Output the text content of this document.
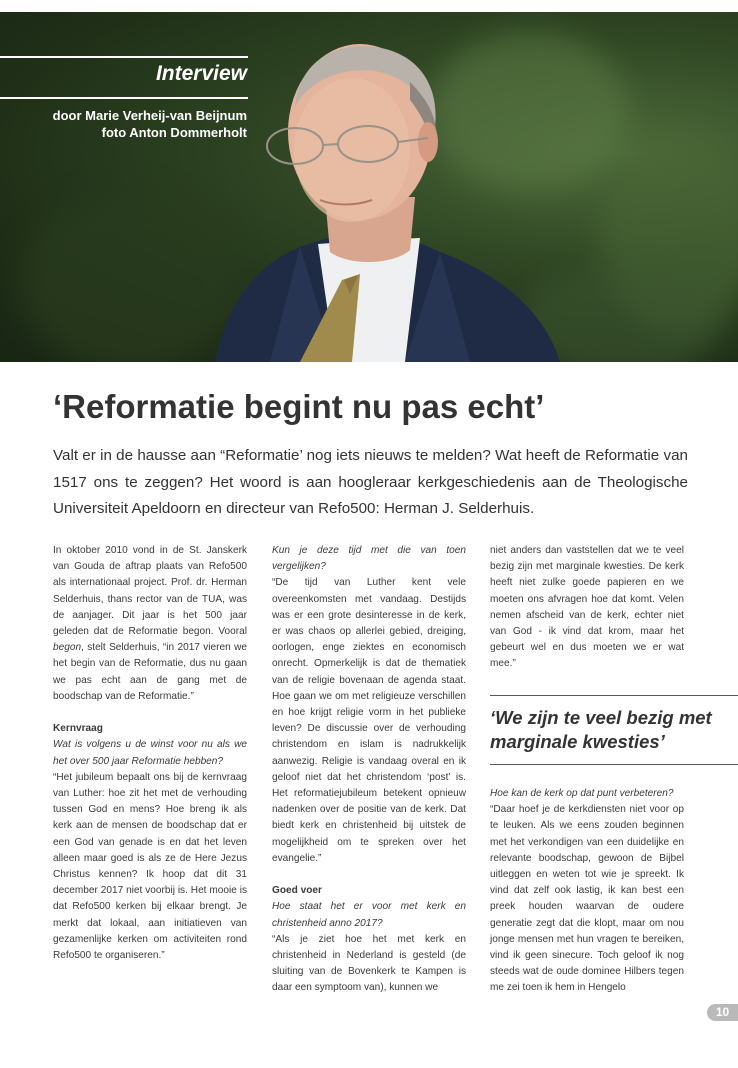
Interview
door Marie Verheij-van Beijnum
foto Anton Dommerholt
‘Reformatie begint nu pas echt’

Valt er in de hausse aan “Reformatie’ nog iets nieuws te melden? Wat heeft de Reformatie van 1517 ons te zeggen? Het woord is aan hoogleraar kerkgeschiedenis aan de Theologische Universiteit Apeldoorn en directeur van Refo500: Herman J. Selderhuis.

In oktober 2010 vond in de St. Janskerk van Gouda de aftrap plaats van Refo500 als internationaal project. Prof. dr. Herman Selderhuis, thans rector van de TUA, was de aanjager. Dit jaar is het 500 jaar geleden dat de Reformatie begon. Vooral begon, stelt Selderhuis, “in 2017 vieren we het begin van de Reformatie, dus nu gaan we pas echt aan de gang met de boodschap van de Reformatie.”

Kernvraag

Wat is volgens u de winst voor nu als we het over 500 jaar Reformatie hebben?

“Het jubileum bepaalt ons bij de kernvraag van Luther: hoe zit het met de verhouding tussen God en mens? Hoe breng ik als kerk aan de mensen de boodschap dat er een God van genade is en dat het leven alleen maar goed is als ze de Here Jezus Christus kennen? Ik hoop dat dit 31 december 2017 niet voorbij is. Het mooie is dat Refo500 kerken bij elkaar brengt. Je merkt dat lokaal, aan initiatieven van gezamenlijke kerken om activiteiten rond Refo500 te organiseren.”

Kun je deze tijd met die van toen vergelijken?

“De tijd van Luther kent vele overeenkomsten met vandaag. Destijds was er een grote desinteresse in de kerk, er was chaos op allerlei gebied, dreiging, oorlogen, enge ziektes en economisch onrecht. Opmerkelijk is dat de thematiek van de religie bovenaan de agenda staat. Hoe gaan we om met religieuze verschillen en hoe krijgt religie vorm in het publieke leven? De discussie over de verhouding christendom en islam is nadrukkelijk aanwezig. Religie is vandaag overal en ik geloof niet dat het christendom ‘post’ is. Het reformatiejubileum betekent opnieuw nadenken over de positie van de kerk. Dat biedt kerk en christenheid bij uitstek de mogelijkheid om te spreken over het evangelie.”

Goed voer

Hoe staat het er voor met kerk en christenheid anno 2017?

“Als je ziet hoe het met kerk en christenheid in Nederland is gesteld (de sluiting van de Bovenkerk te Kampen is daar een symptoom van), kunnen we

niet anders dan vaststellen dat we te veel bezig zijn met marginale kwesties. De kerk heeft niet zulke goede papieren en we moeten ons afvragen hoe dat komt. Velen nemen afscheid van de kerk, echter niet van God - ik vind dat krom, maar het gebeurt wel en dus moeten we er wat mee.”

‘We zijn te veel bezig met marginale kwesties’

Hoe kan de kerk op dat punt verbeteren?

“Daar hoef je de kerkdiensten niet voor op te leuken. Als we eens zouden beginnen met het verkondigen van een duidelijke en relevante boodschap, gewoon de Bijbel uitleggen en weten tot wie je spreekt. Ik vind dat zelf ook lastig, ik kan best een preek houden waarvan de oudere generatie zegt dat die klopt, maar om nou jonge mensen met hun vragen te bereiken, vind ik geen sinecure. Toch geloof ik nog steeds wat de oude dominee Hilbers tegen me zei toen ik hem in Hengelo

10
